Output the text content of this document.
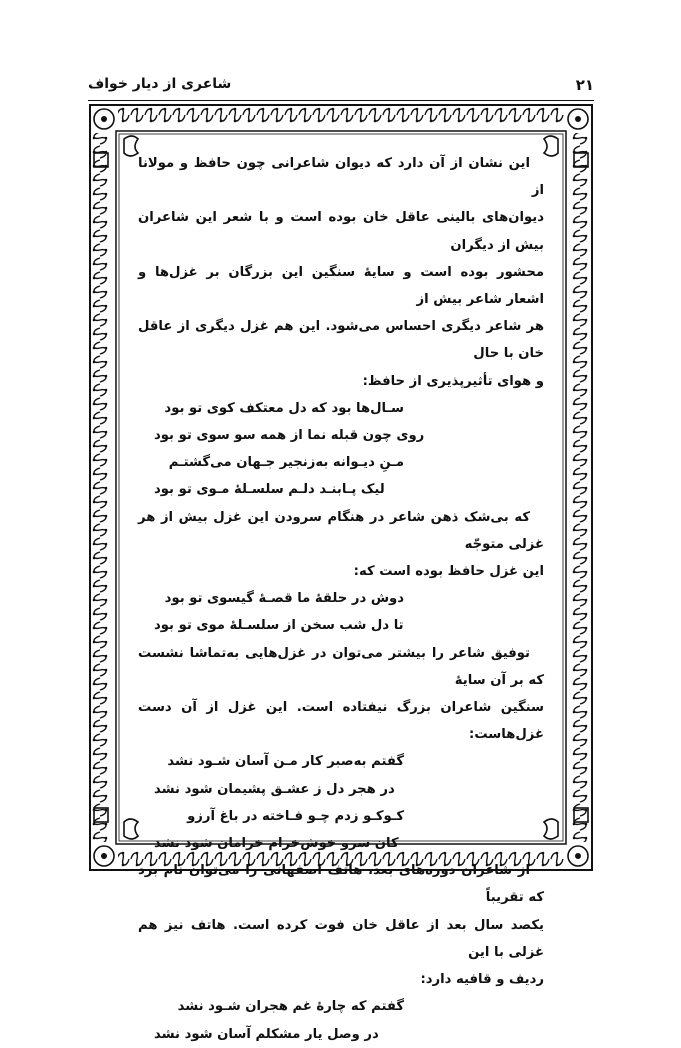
۲۱
شاعری از دیار خواف

این نشان از آن دارد که دیوان شاعرانی چون حافظ و مولانا از
دیوان‌های بالینی عاقل خان بوده است و با شعر این شاعران بیش از دیگران
محشور بوده است و سایهٔ سنگین این بزرگان بر غزل‌ها و اشعار شاعر بیش از
هر شاعر دیگری احساس می‌شود. این هم غزل دیگری از عاقل خان با حال
و هوای تأثیرپذیری از حافظ:

سـال‌ها بود که دل معتکف کوی تو بود
روی چون قبله نما از همه سو سوی تو بود
مـنِ دیـوانه به‌زنجیر جـهان می‌گشتـم
لیک پـابنـد دلـم سلسـلهٔ مـوی تو بود

که بی‌شک ذهن شاعر در هنگام سرودن این غزل بیش از هر غزلی متوجّه
این غزل حافظ بوده است که:

دوش در حلقهٔ ما قصـهٔ گیسوی تو بود
تا دل شب سخن از سلسـلهٔ موی تو بود

توفیق شاعر را بیشتر می‌توان در غزل‌هایی به‌تماشا نشست که بر آن سایهٔ
سنگین شاعران بزرگ نیفتاده است. این غزل از آن دست غزل‌هاست:

گفتم به‌صبر کار مـن آسان شـود نشد
در هجر دل ز عشـق پشیمان شود نشد
کـوکـو زدم چـو فـاخته در باغ آرزو
کان سرو خوش‌خرام خرامان شود نشد

از شاعران دوره‌های بعد، هاتف اصفهانی را می‌توان نام برد که تقریباً
یکصد سال بعد از عاقل خان فوت کرده است. هاتف نیز هم غزلی با این
ردیف و قافیه دارد:

گفتم که چارهٔ غم هجران شـود نشد
در وصل یار مشکلم آسان شود نشد
